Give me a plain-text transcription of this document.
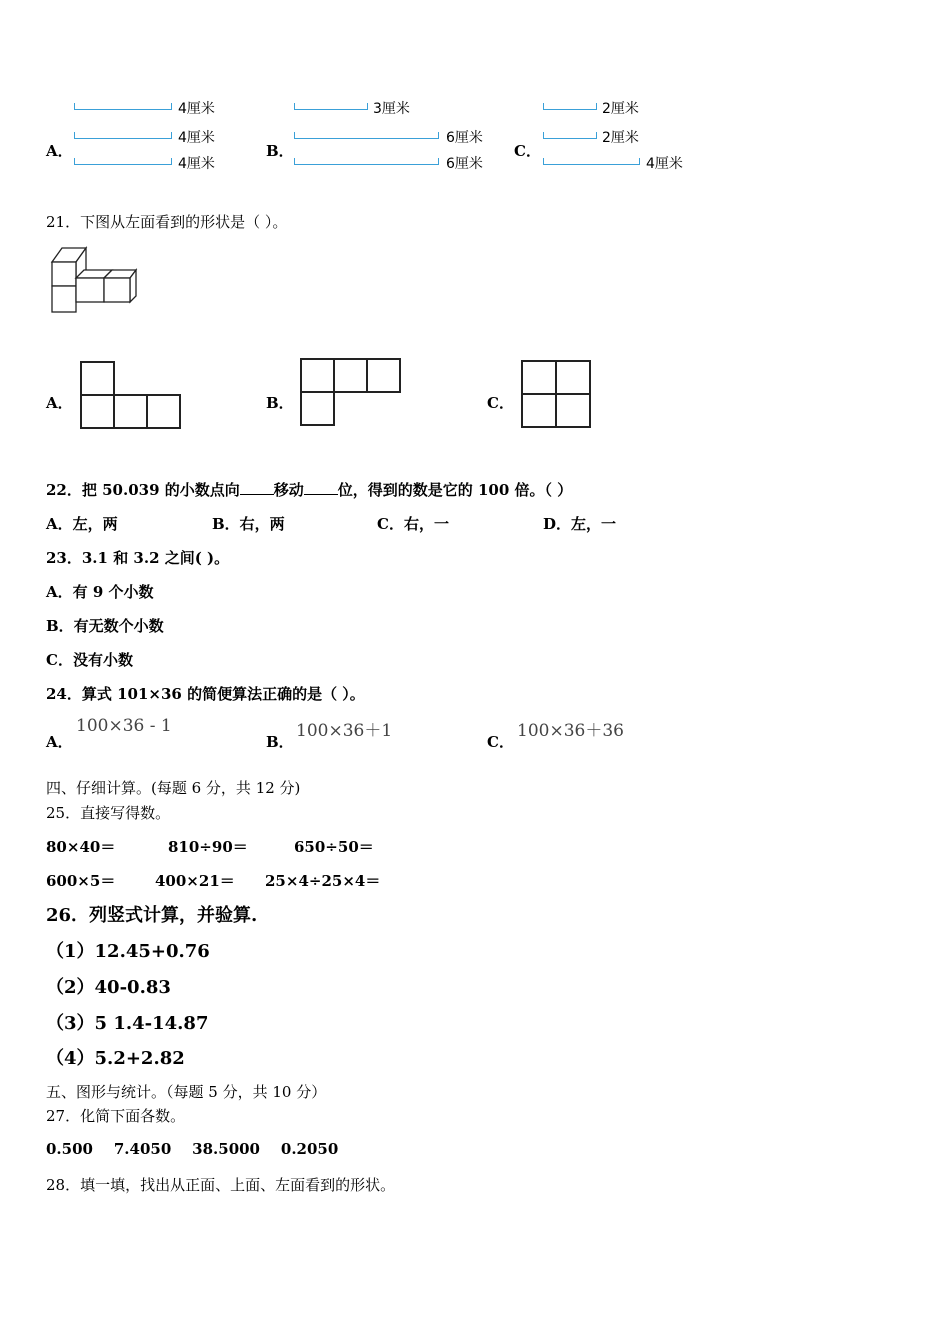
A．
4厘米
4厘米
4厘米
B．
3厘米
6厘米
6厘米
C．
2厘米
2厘米
4厘米
21．下图从左面看到的形状是（ ）。
A．	B．	C．
22．把 50.039 的小数点向 移动 位，得到的数是它的 100 倍。（ ）
A．左，两	B．右，两	C．右，一	D．左，一
23．3.1 和 3.2 之间( )。
A．有 9 个小数
B．有无数个小数
C．没有小数
24．算式 101×36 的简便算法正确的是（ ）。
A．
100×36 - 1
B．
100×36＋1
C．
100×36＋36
四、仔细计算。(每题 6 分，共 12 分)
25．直接写得数。
80×40＝	810÷90＝	650÷50＝
600×5＝	400×21＝ 25×4÷25×4＝
26．列竖式计算，并验算.
（1）12.45+0.76
（2）40-0.83
（3）5 1.4-14.87
（4）5.2+2.82
五、图形与统计。（每题 5 分，共 10 分）
27．化简下面各数。
0.500    7.4050    38.5000    0.2050
28．填一填，找出从正面、上面、左面看到的形状。
